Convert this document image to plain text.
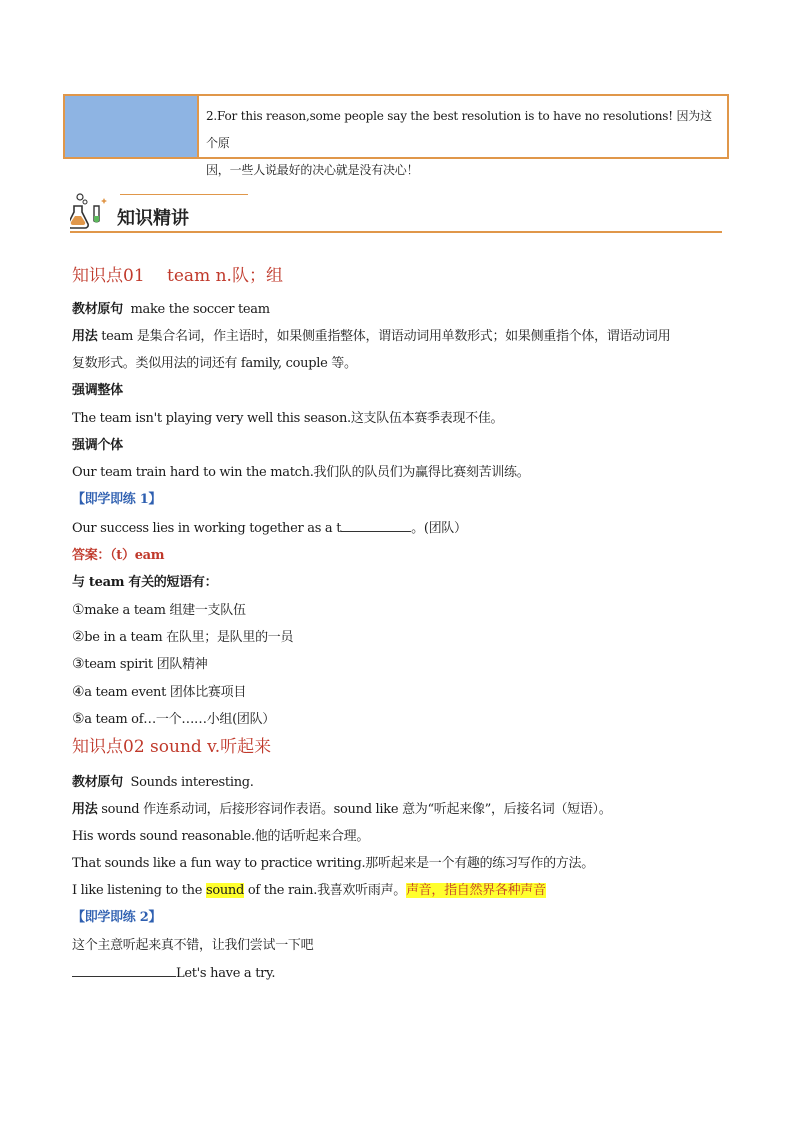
2.For this reason,some people say the best resolution is to have no resolutions! 因为这个原
因，一些人说最好的决心就是没有决心！
知识精讲
知识点01　 team n.队；组
教材原句 make the soccer team
用法 team 是集合名词，作主语时，如果侧重指整体，谓语动词用单数形式；如果侧重指个体，谓语动词用
复数形式。类似用法的词还有 family, couple 等。
强调整体
The team isn't playing very well this season.这支队伍本赛季表现不佳。
强调个体
Our team train hard to win the match.我们队的队员们为赢得比赛刻苦训练。
【即学即练 1】
Our success lies in working together as a t	。(团队）
答案：（t）eam
与 team 有关的短语有：
①make a team 组建一支队伍
②be in a team 在队里；是队里的一员
③team spirit 团队精神
④a team event 团体比赛项目
⑤a team of…一个……小组(团队）
知识点02 sound v.听起来
教材原句 Sounds interesting.
用法 sound 作连系动词，后接形容词作表语。sound like 意为“听起来像”，后接名词（短语）。
His words sound reasonable.他的话听起来合理。
That sounds like a fun way to practice writing.那听起来是一个有趣的练习写作的方法。
I like listening to the sound of the rain.我喜欢听雨声。声音，指自然界各种声音
【即学即练 2】
这个主意听起来真不错，让我们尝试一下吧
Let's have a try.
